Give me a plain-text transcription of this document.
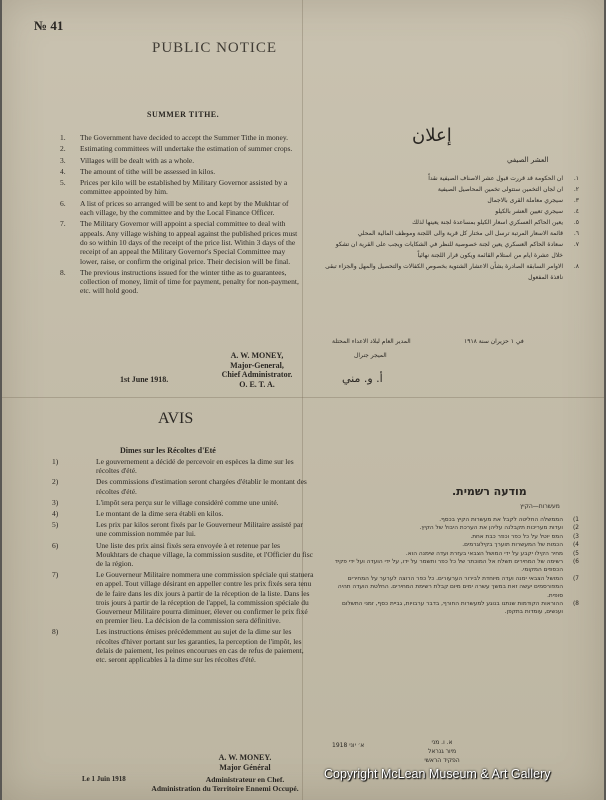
№ 41
PUBLIC NOTICE
SUMMER TITHE.
1. The Government have decided to accept the Summer Tithe in money.
2. Estimating committees will undertake the estimation of summer crops.
3. Villages will be dealt with as a whole.
4. The amount of tithe will be assessed in kilos.
5. Prices per kilo will be established by Military Governor assisted by a committee appointed by him.
6. A list of prices so arranged will be sent to and kept by the Mukhtar of each village, by the committee and by the Local Finance Officer.
7. The Military Governor will appoint a special committee to deal with appeals. Any village wishing to appeal against the published prices must do so within 10 days of the receipt of the price list. Within 3 days of the receipt of an appeal the Military Governor's Special Committee may lower, raise, or confirm the original price. Their decision will be final.
8. The previous instructions issued for the winter tithe as to guarantees, collection of money, limit of time for payment, penalty for non-payment, etc. will hold good.
A. W. MONEY,
Major-General,
Chief Administrator.
O. E. T. A.
1st June 1918.
AVIS
Dimes sur les Récoltes d'Eté
1)	Le gouvernement a décidé de percevoir en espèces la dime sur les récoltes d'été.
2)	Des commissions d'estimation seront chargées d'établir le montant des récoltes d'été.
3)	L'impôt sera perçu sur le village considéré comme une unité.
4)	Le montant de la dime sera établi en kilos.
5)	Les prix par kilos seront fixés par le Gouverneur Militaire assisté par une commission nommée par lui.
6)	Une liste des prix ainsi fixés sera envoyée à et retenue par les Moukhtars de chaque village, la commission susdite, et l'Officier du fisc de la région.
7)	Le Gouverneur Militaire nommera une commission spéciale qui statuera en appel. Tout village désirant en appeller contre les prix fixés sera tenu de le faire dans les dix jours à partir de la réception de la liste. Dans les trois jours à partir de la réception de l'appel, la commission spéciale du Gouverneur Militaire pourra diminuer, élever ou confirmer le prix fixé en premier lieu. La décision de la commission sera définitive.
8)	Les instructions émises précédemment au sujet de la dime sur les récoltes d'hiver portant sur les garanties, la perception de l'impôt, les delais de paiement, les peines encourues en cas de refus de paiement, etc. seront applicables à la dime sur les récoltes d'été.
A. W. MONEY.
Major Général
Le 1 Juin 1918	Administrateur en Chef.
Administration du Territoire Ennemi Occupé.
إعلان
العشر الصيفي
١.
ان الحكومة قد قررت قبول عشر الاصناف الصيفية نقداً
٢.
ان لجان التخمين ستتولى تخمين المحاصيل الصيفية
٣.
سيجري معاملة القرى بالاجمال
٤.
سيجري تعيين العشر بالكيلو
٥.
يعين الحاكم العسكري اسعار الكيلو بمساعدة لجنة يعينها لذلك
٦.
قائمة الاسعار المرتبة ترسل الى مختار كل قرية والى اللجنة وموظف المالية المحلي
٧.
سعادة الحاكم العسكري يعين لجنة خصوصية للنظر في الشكايات ويجب على القرية ان تشكو خلال عشرة ايام من استلام القائمة ويكون قرار اللجنة نهائياً
٨.
الاوامر السابقة الصادرة بشأن الاعشار الشتوية بخصوص الكفالات والتحصيل والمهل والجزاء تبقى نافذة المفعول
في ١ حزيران سنة ١٩١٨
المدير العام لبلاد الاعداء المحتلة
الميجر جنرال
أ. و. مني
מודעה רשמית.
מעשרות—הקיץ
1)
הממשלה החליטה לקבל את מעשרות הקיץ בכסף.
2)
ועדות מעריכות תקבלנה עליהן את הערכת היבול של הקיץ.
3)
המס יוטל על כל כפר וכפר כבת אחת.
4)
הכמות של המעשרות תוערך בקילוגרמים.
5)
מחיר הקילו יקבע על ידי המושל הצבאי בעזרת ועדה שימנה הוא.
6)
רשימה של המחירים תשלח אל המוכתר של כל כפר ותשמר על ידו, על ידי הועדה ועל ידי פקיד הכספים המקומי.
7)
המושל הצבאי ימנה ועדה מיוחדת לבירור הערעורים. כל כפר הרוצה לערער על המחירים המפורסמים יעשה זאת במשך עשרה ימים מיום קבלת רשימת המחירים. החלטת הועדה תהיה סופית.
8)
ההוראות הקודמות שנתנו בנוגע למעשרות החורף, בדבר ערבויות, גביית כסף, זמני התשלום וענשים, עומדות בתקפן.
א. ו. מני
מיור גנראל
הפקיד הראשי
א׳ יוני 1918
Copyright McLean Museum & Art Gallery
